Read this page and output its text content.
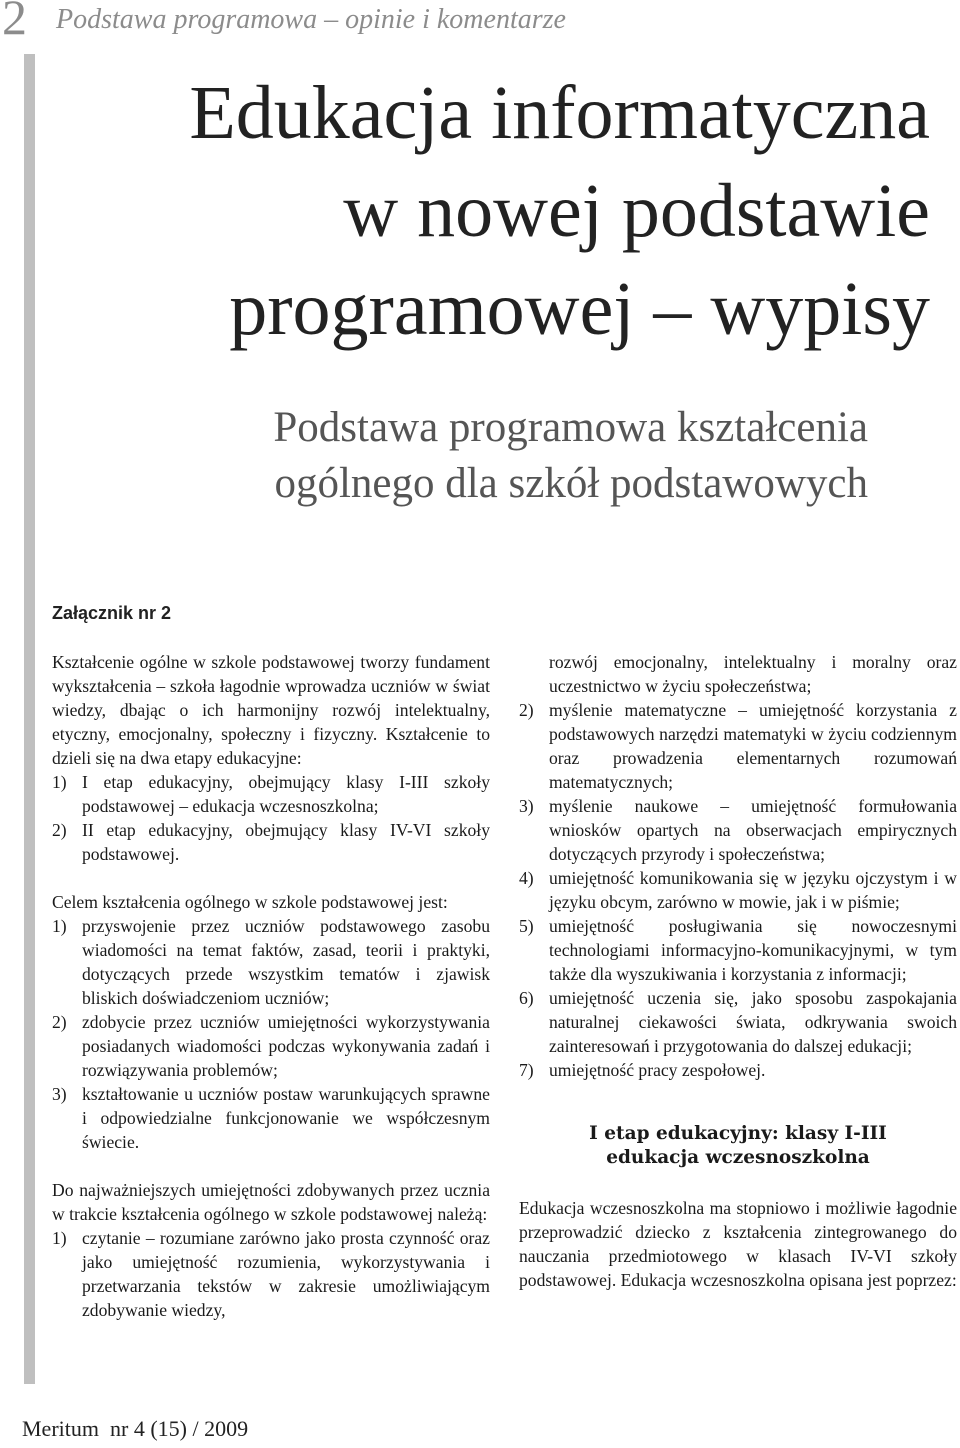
2 Podstawa programowa – opinie i komentarze
Edukacja informatyczna
w nowej podstawie
programowej – wypisy
Podstawa programowa kształcenia
ogólnego dla szkół podstawowych
Załącznik nr 2

Kształcenie ogólne w szkole podstawowej tworzy fundament wykształcenia – szkoła łagodnie wprowadza uczniów w świat wiedzy, dbając o ich harmonijny rozwój intelektualny, etyczny, emocjonalny, społeczny i fizyczny. Kształcenie to dzieli się na dwa etapy edukacyjne:

1) I etap edukacyjny, obejmujący klasy I-III szkoły podstawowej – edukacja wczesnoszkolna;
2) II etap edukacyjny, obejmujący klasy IV-VI szkoły podstawowej.

Celem kształcenia ogólnego w szkole podstawowej jest:

1) przyswojenie przez uczniów podstawowego zasobu wiadomości na temat faktów, zasad, teorii i praktyki, dotyczących przede wszystkim tematów i zjawisk bliskich doświadczeniom uczniów;
2) zdobycie przez uczniów umiejętności wykorzystywania posiadanych wiadomości podczas wykonywania zadań i rozwiązywania problemów;
3) kształtowanie u uczniów postaw warunkujących sprawne i odpowiedzialne funkcjonowanie we współczesnym świecie.

Do najważniejszych umiejętności zdobywanych przez ucznia w trakcie kształcenia ogólnego w szkole podstawowej należą:

1) czytanie – rozumiane zarówno jako prosta czynność oraz jako umiejętność rozumienia, wykorzystywania i przetwarzania tekstów w zakresie umożliwiającym zdobywanie wiedzy,

rozwój emocjonalny, intelektualny i moralny oraz uczestnictwo w życiu społeczeństwa;

2) myślenie matematyczne – umiejętność korzystania z podstawowych narzędzi matematyki w życiu codziennym oraz prowadzenia elementarnych rozumowań matematycznych;
3) myślenie naukowe – umiejętność formułowania wniosków opartych na obserwacjach empirycznych dotyczących przyrody i społeczeństwa;
4) umiejętność komunikowania się w języku ojczystym i w języku obcym, zarówno w mowie, jak i w piśmie;
5) umiejętność posługiwania się nowoczesnymi technologiami informacyjno-komunikacyjnymi, w tym także dla wyszukiwania i korzystania z informacji;
6) umiejętność uczenia się, jako sposobu zaspokajania naturalnej ciekawości świata, odkrywania swoich zainteresowań i przygotowania do dalszej edukacji;
7) umiejętność pracy zespołowej.
I etap edukacyjny: klasy I-III
edukacja wczesnoszkolna

Edukacja wczesnoszkolna ma stopniowo i możliwie łagodnie przeprowadzić dziecko z kształcenia zintegrowanego do nauczania przedmiotowego w klasach IV-VI szkoły podstawowej. Edukacja wczesnoszkolna opisana jest poprzez:

Meritum nr 4 (15) / 2009
